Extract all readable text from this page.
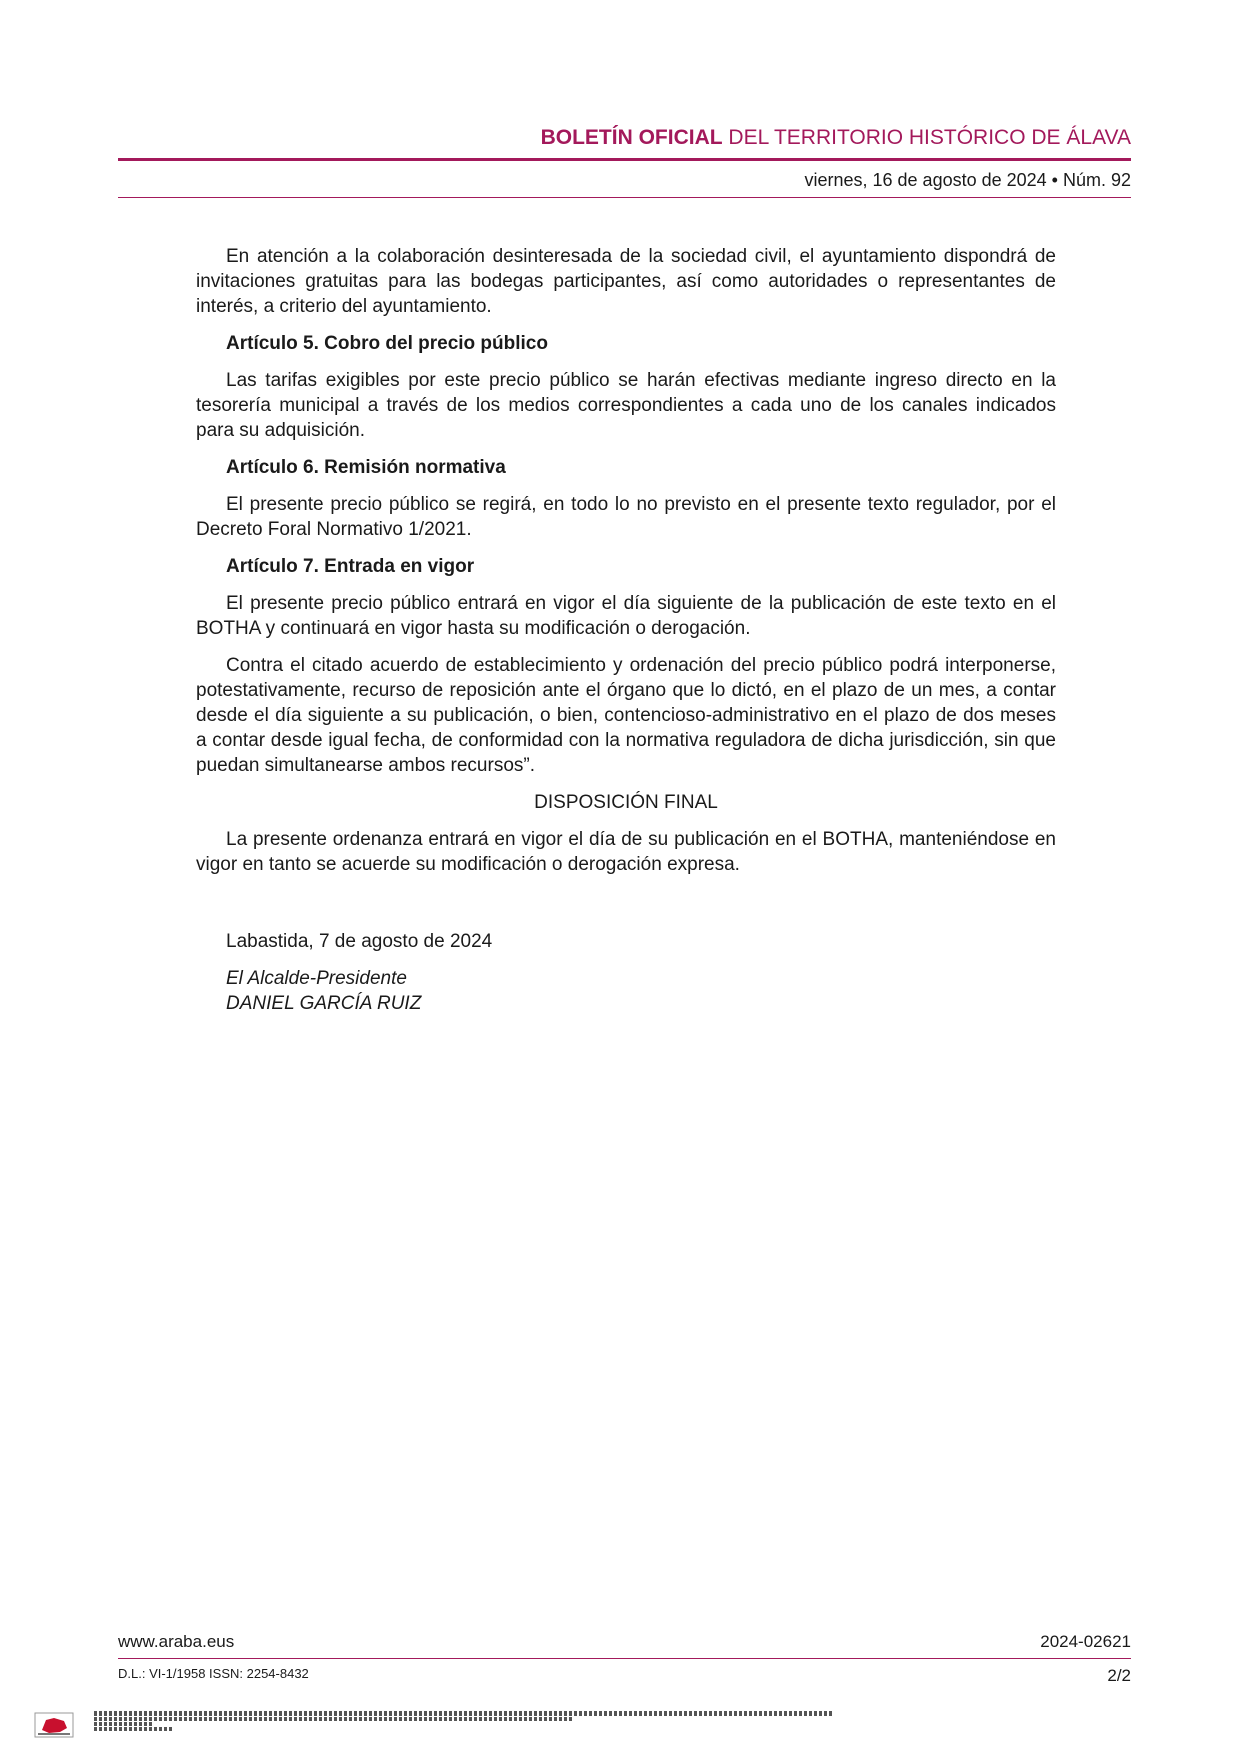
BOLETÍN OFICIAL DEL TERRITORIO HISTÓRICO DE ÁLAVA
viernes, 16 de agosto de 2024 • Núm. 92

En atención a la colaboración desinteresada de la sociedad civil, el ayuntamiento dispondrá de invitaciones gratuitas para las bodegas participantes, así como autoridades o representantes de interés, a criterio del ayuntamiento.

Artículo 5. Cobro del precio público

Las tarifas exigibles por este precio público se harán efectivas mediante ingreso directo en la tesorería municipal a través de los medios correspondientes a cada uno de los canales indicados para su adquisición.

Artículo 6. Remisión normativa

El presente precio público se regirá, en todo lo no previsto en el presente texto regulador, por el Decreto Foral Normativo 1/2021.

Artículo 7. Entrada en vigor

El presente precio público entrará en vigor el día siguiente de la publicación de este texto en el BOTHA y continuará en vigor hasta su modificación o derogación.

Contra el citado acuerdo de establecimiento y ordenación del precio público podrá interponerse, potestativamente, recurso de reposición ante el órgano que lo dictó, en el plazo de un mes, a contar desde el día siguiente a su publicación, o bien, contencioso-administrativo en el plazo de dos meses a contar desde igual fecha, de conformidad con la normativa reguladora de dicha jurisdicción, sin que puedan simultanearse ambos recursos”.

DISPOSICIÓN FINAL

La presente ordenanza entrará en vigor el día de su publicación en el BOTHA, manteniéndose en vigor en tanto se acuerde su modificación o derogación expresa.

Labastida, 7 de agosto de 2024
El Alcalde-Presidente
DANIEL GARCÍA RUIZ
www.araba.eus	2024-02621
D.L.: VI-1/1958 ISSN: 2254-8432	2/2
